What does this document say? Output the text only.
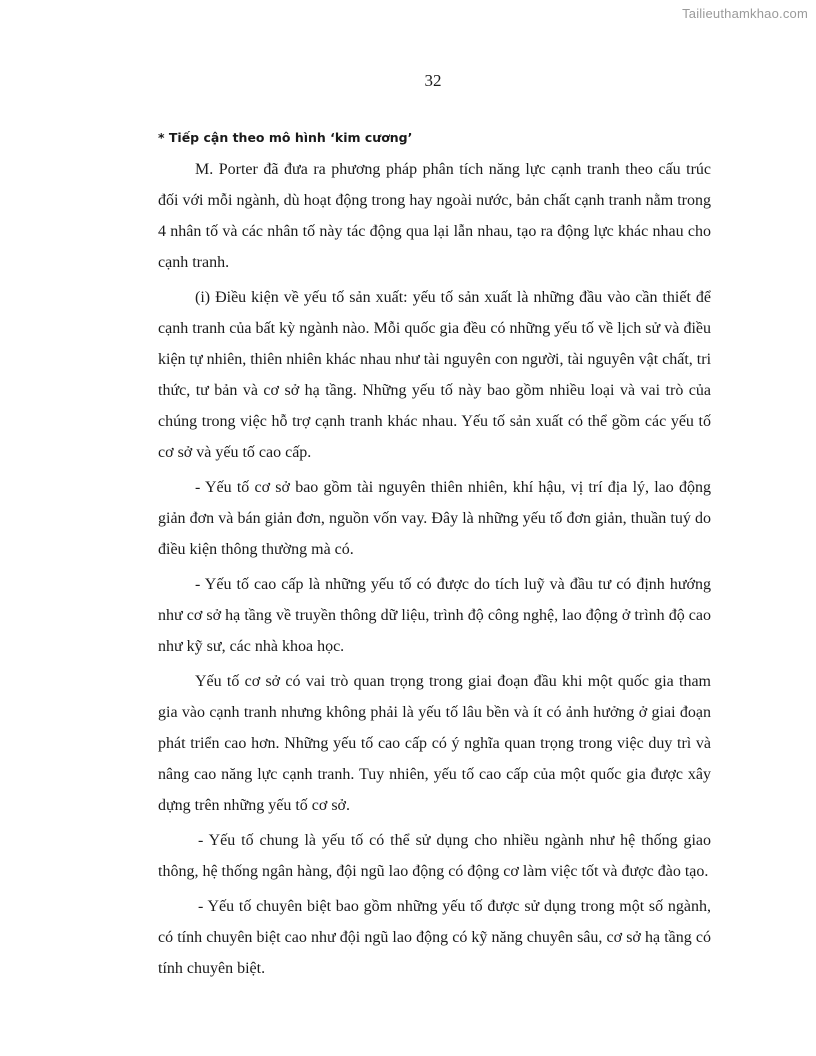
Tailieuthamkhao.com
32
* Tiếp cận theo mô hình ‘kim cương’

M. Porter đã đưa ra phương pháp phân tích năng lực cạnh tranh theo cấu trúc đối với mỗi ngành, dù hoạt động trong hay ngoài nước, bản chất cạnh tranh nằm trong 4 nhân tố và các nhân tố này tác động qua lại lẫn nhau, tạo ra động lực khác nhau cho cạnh tranh.

(i) Điều kiện về yếu tố sản xuất: yếu tố sản xuất là những đầu vào cần thiết để cạnh tranh của bất kỳ ngành nào. Mỗi quốc gia đều có những yếu tố về lịch sử và điều kiện tự nhiên, thiên nhiên khác nhau như tài nguyên con người, tài nguyên vật chất, tri thức, tư bản và cơ sở hạ tầng. Những yếu tố này bao gồm nhiều loại và vai trò của chúng trong việc hỗ trợ cạnh tranh khác nhau. Yếu tố sản xuất có thể gồm các yếu tố cơ sở và yếu tố cao cấp.

- Yếu tố cơ sở bao gồm tài nguyên thiên nhiên, khí hậu, vị trí địa lý, lao động giản đơn và bán giản đơn, nguồn vốn vay. Đây là những yếu tố đơn giản, thuần tuý do điều kiện thông thường mà có.

- Yếu tố cao cấp là những yếu tố có được do tích luỹ và đầu tư có định hướng như cơ sở hạ tầng về truyền thông dữ liệu, trình độ công nghệ, lao động ở trình độ cao như kỹ sư, các nhà khoa học.

Yếu tố cơ sở có vai trò quan trọng trong giai đoạn đầu khi một quốc gia tham gia vào cạnh tranh nhưng không phải là yếu tố lâu bền và ít có ảnh hưởng ở giai đoạn phát triển cao hơn. Những yếu tố cao cấp có ý nghĩa quan trọng trong việc duy trì và nâng cao năng lực cạnh tranh. Tuy nhiên, yếu tố cao cấp của một quốc gia được xây dựng trên những yếu tố cơ sở.

- Yếu tố chung là yếu tố có thể sử dụng cho nhiều ngành như hệ thống giao thông, hệ thống ngân hàng, đội ngũ lao động có động cơ làm việc tốt và được đào tạo.

- Yếu tố chuyên biệt bao gồm những yếu tố được sử dụng trong một số ngành, có tính chuyên biệt cao như đội ngũ lao động có kỹ năng chuyên sâu, cơ sở hạ tầng có tính chuyên biệt.
